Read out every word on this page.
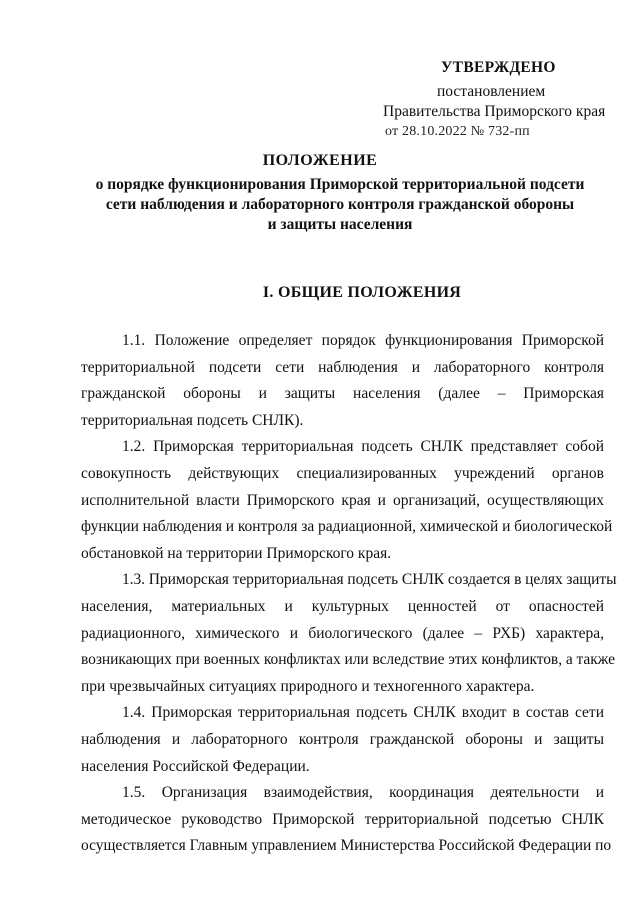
УТВЕРЖДЕНО
постановлением
Правительства Приморского края
от 28.10.2022 № 732-пп
ПОЛОЖЕНИЕ
о порядке функционирования Приморской территориальной подсети
сети наблюдения и лабораторного контроля гражданской обороны
и защиты населения
I. ОБЩИЕ ПОЛОЖЕНИЯ

1.1. Положение определяет порядок функционирования Приморской
территориальной подсети сети наблюдения и лабораторного контроля
гражданской обороны и защиты населения (далее – Приморская
территориальная подсеть СНЛК).

1.2. Приморская территориальная подсеть СНЛК представляет собой
совокупность действующих специализированных учреждений органов
исполнительной власти Приморского края и организаций, осуществляющих
функции наблюдения и контроля за радиационной, химической и биологической
обстановкой на территории Приморского края.

1.3. Приморская территориальная подсеть СНЛК создается в целях защиты
населения, материальных и культурных ценностей от опасностей
радиационного, химического и биологического (далее – РХБ) характера,
возникающих при военных конфликтах или вследствие этих конфликтов, а также
при чрезвычайных ситуациях природного и техногенного характера.

1.4. Приморская территориальная подсеть СНЛК входит в состав сети
наблюдения и лабораторного контроля гражданской обороны и защиты
населения Российской Федерации.

1.5. Организация взаимодействия, координация деятельности и
методическое руководство Приморской территориальной подсетью СНЛК
осуществляется Главным управлением Министерства Российской Федерации по
